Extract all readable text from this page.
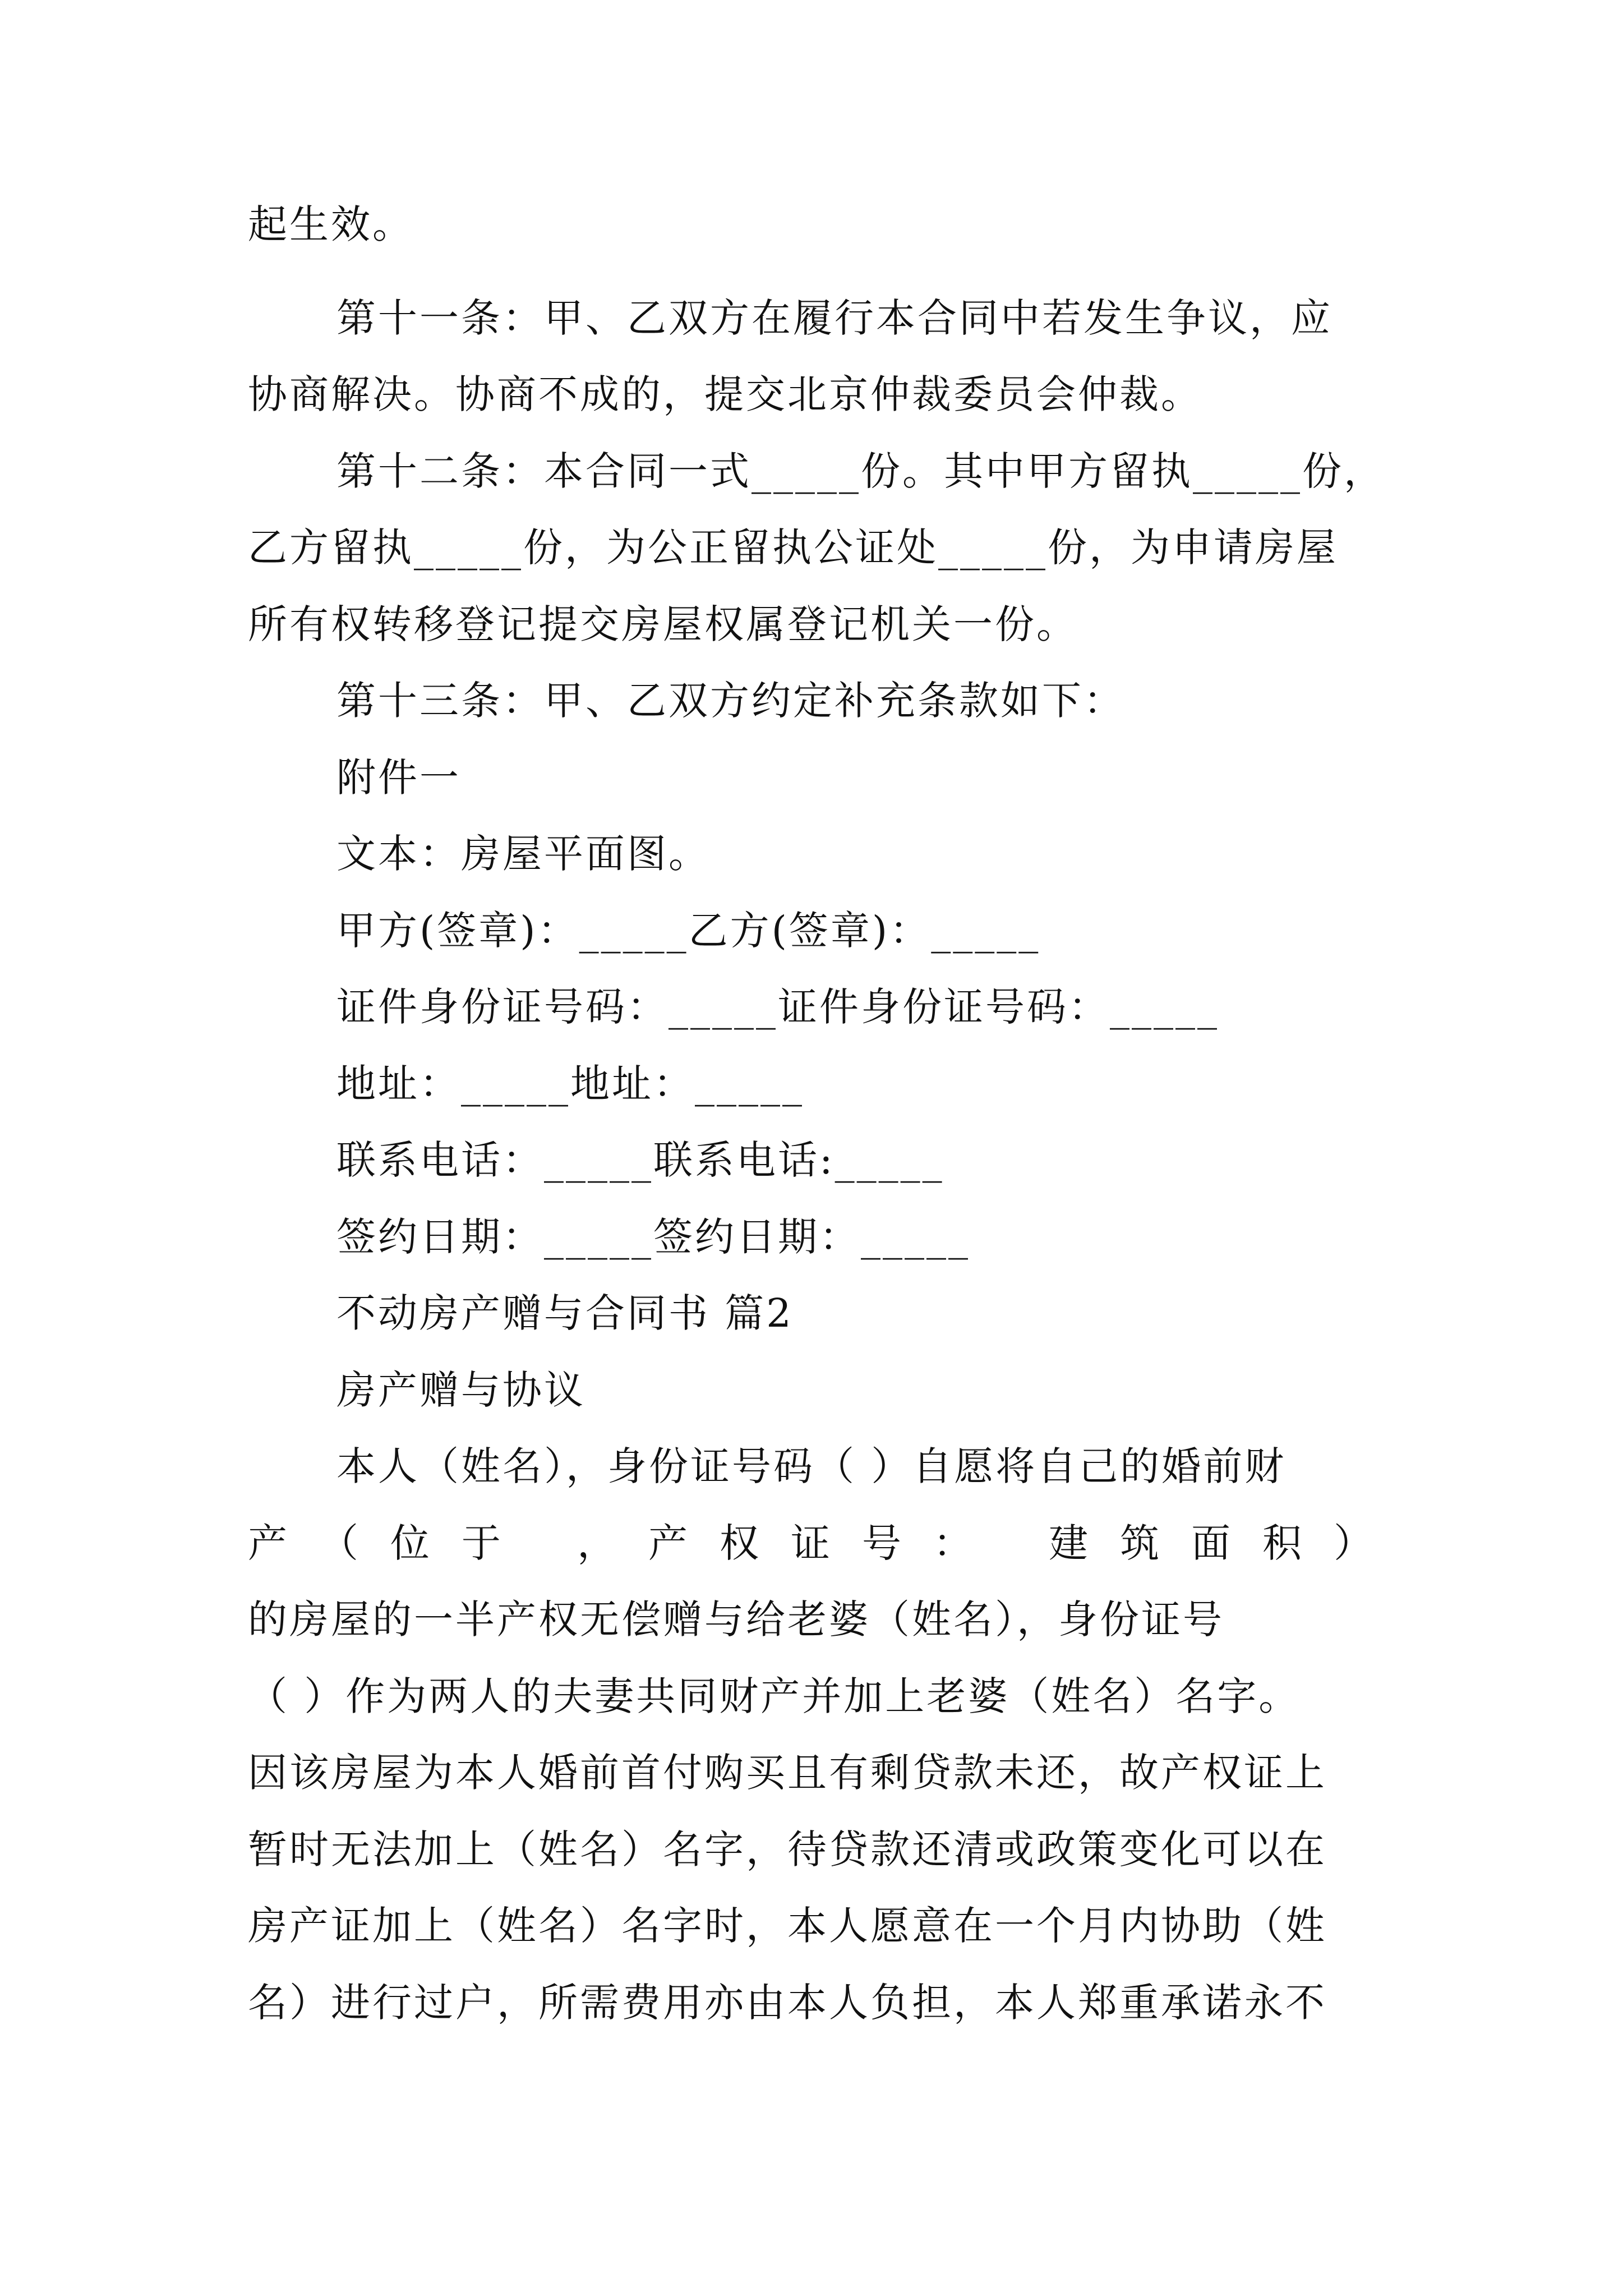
起生效。
第十一条：甲、乙双方在履行本合同中若发生争议，应
协商解决。协商不成的，提交北京仲裁委员会仲裁。
第十二条：本合同一式_____份。其中甲方留执_____份，
乙方留执_____份，为公正留执公证处_____份，为申请房屋
所有权转移登记提交房屋权属登记机关一份。
第十三条：甲、乙双方约定补充条款如下：
附件一
文本：房屋平面图。
甲方(签章)：_____乙方(签章)：_____
证件身份证号码：_____证件身份证号码：_____
地址：_____地址：_____
联系电话：_____联系电话:_____
签约日期：_____签约日期：_____
不动房产赠与合同书 篇2
房产赠与协议
本人（姓名），身份证号码（ ）自愿将自己的婚前财
产（位于 ，产权证号： 建筑面积）
的房屋的一半产权无偿赠与给老婆（姓名），身份证号
（ ）作为两人的夫妻共同财产并加上老婆（姓名）名字。
因该房屋为本人婚前首付购买且有剩贷款未还，故产权证上
暂时无法加上（姓名）名字，待贷款还清或政策变化可以在
房产证加上（姓名）名字时，本人愿意在一个月内协助（姓
名）进行过户，所需费用亦由本人负担，本人郑重承诺永不
